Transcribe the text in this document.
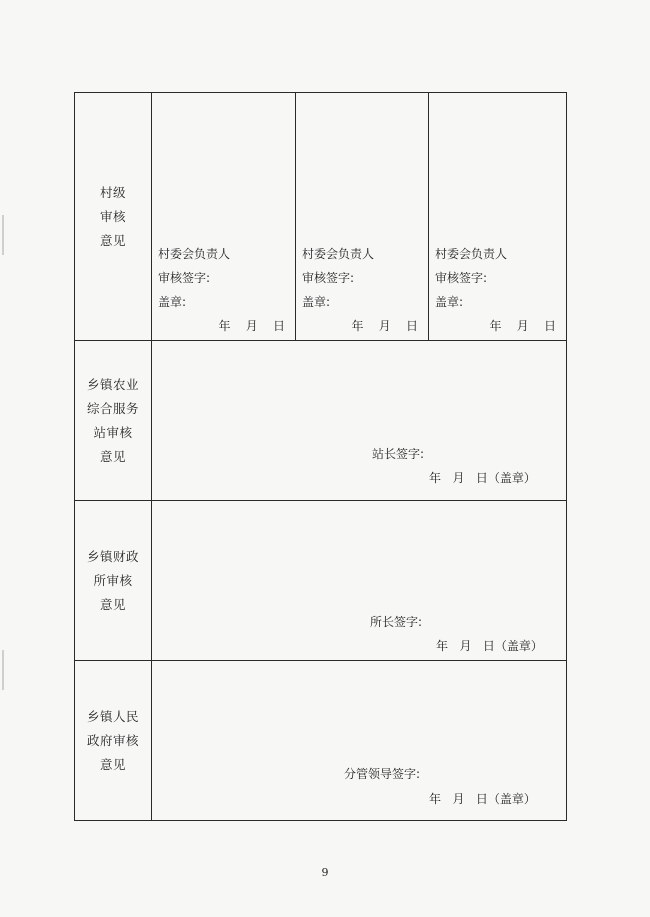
村级
审核
意见
村委会负责人
审核签字:
盖章:
年    月    日
村委会负责人
审核签字:
盖章:
年    月    日
村委会负责人
审核签字:
盖章:
年    月    日
乡镇农业
综合服务
站审核
意见	站长签字:
年   月   日（盖章）
乡镇财政
所审核
意见
所长签字:
年   月   日（盖章）
乡镇人民
政府审核
意见
分管领导签字:
年   月   日（盖章）
9
